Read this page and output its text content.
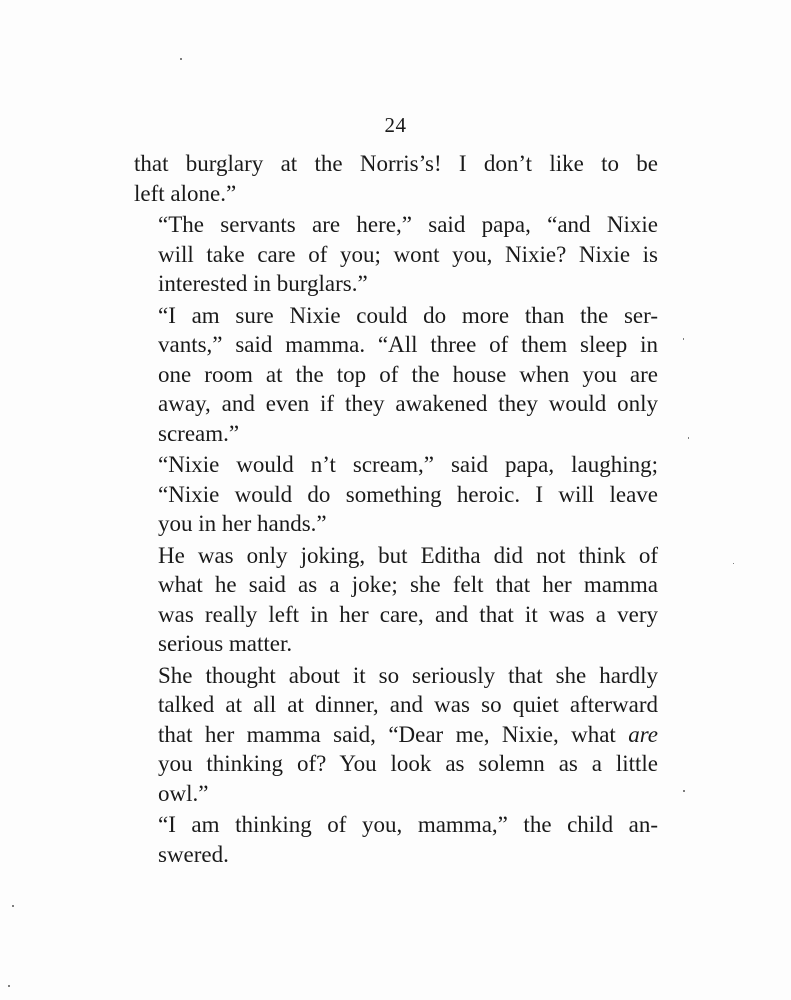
24

that burglary at the Norris’s! I don’t like to be
left alone.”

“The servants are here,” said papa, “and Nixie
will take care of you; wont you, Nixie? Nixie is
interested in burglars.”

“I am sure Nixie could do more than the ser-
vants,” said mamma. “All three of them sleep in
one room at the top of the house when you are
away, and even if they awakened they would only
scream.”

“Nixie would n’t scream,” said papa, laughing;
“Nixie would do something heroic. I will leave
you in her hands.”

He was only joking, but Editha did not think of
what he said as a joke; she felt that her mamma
was really left in her care, and that it was a very
serious matter.

She thought about it so seriously that she hardly
talked at all at dinner, and was so quiet afterward
that her mamma said, “Dear me, Nixie, what are
you thinking of? You look as solemn as a little
owl.”

“I am thinking of you, mamma,” the child an-
swered.
